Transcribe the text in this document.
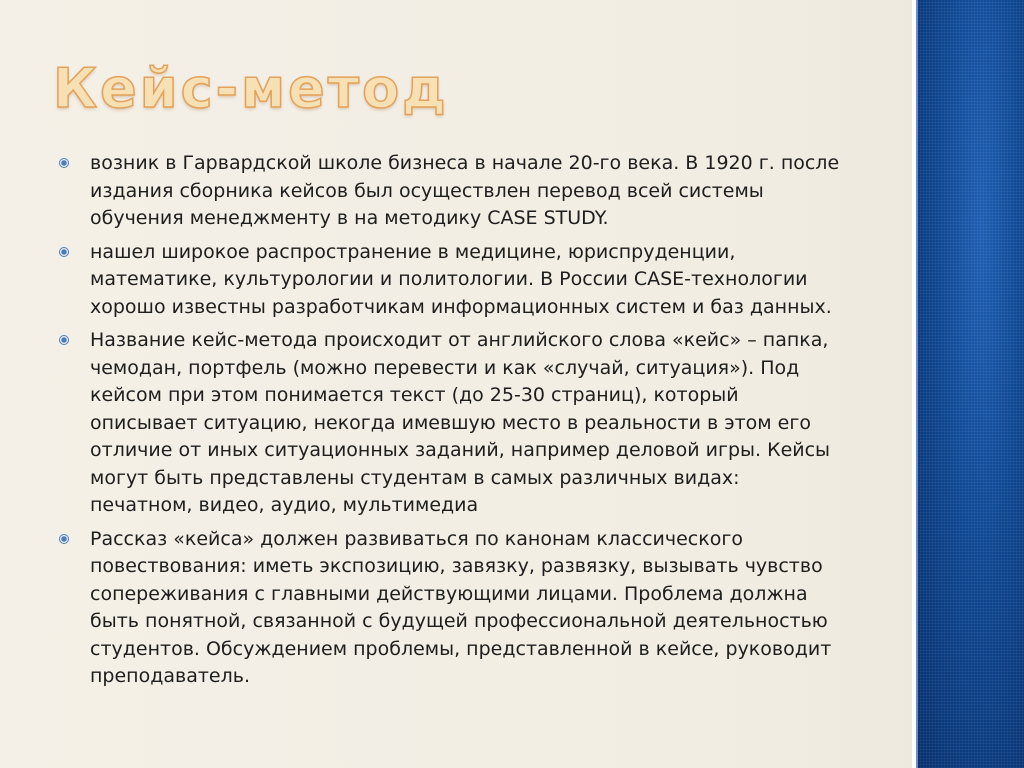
Кейс-метод
возник в Гарвардской школе бизнеса в начале 20-го века. В 1920 г. после издания сборника кейсов был осуществлен перевод всей системы обучения менеджменту в на методику CASE STUDY.
нашел широкое распространение в медицине, юриспруденции, математике, культурологии и политологии. В России CASE-технологии хорошо известны разработчикам информационных систем и баз данных.
Название кейс-метода происходит от английского слова «кейс» – папка, чемодан, портфель (можно перевести и как «случай, ситуация»). Под кейсом при этом понимается текст (до 25-30 страниц), который описывает ситуацию, некогда имевшую место в реальности в этом его отличие от иных ситуационных заданий, например деловой игры. Кейсы могут быть представлены студентам в самых различных видах: печатном, видео, аудио, мультимедиа
Рассказ «кейса» должен развиваться по канонам классического повествования: иметь экспозицию, завязку, развязку, вызывать чувство сопереживания с главными действующими лицами. Проблема должна быть понятной, связанной с будущей профессиональной деятельностью студентов. Обсуждением проблемы, представленной в кейсе, руководит преподаватель.
